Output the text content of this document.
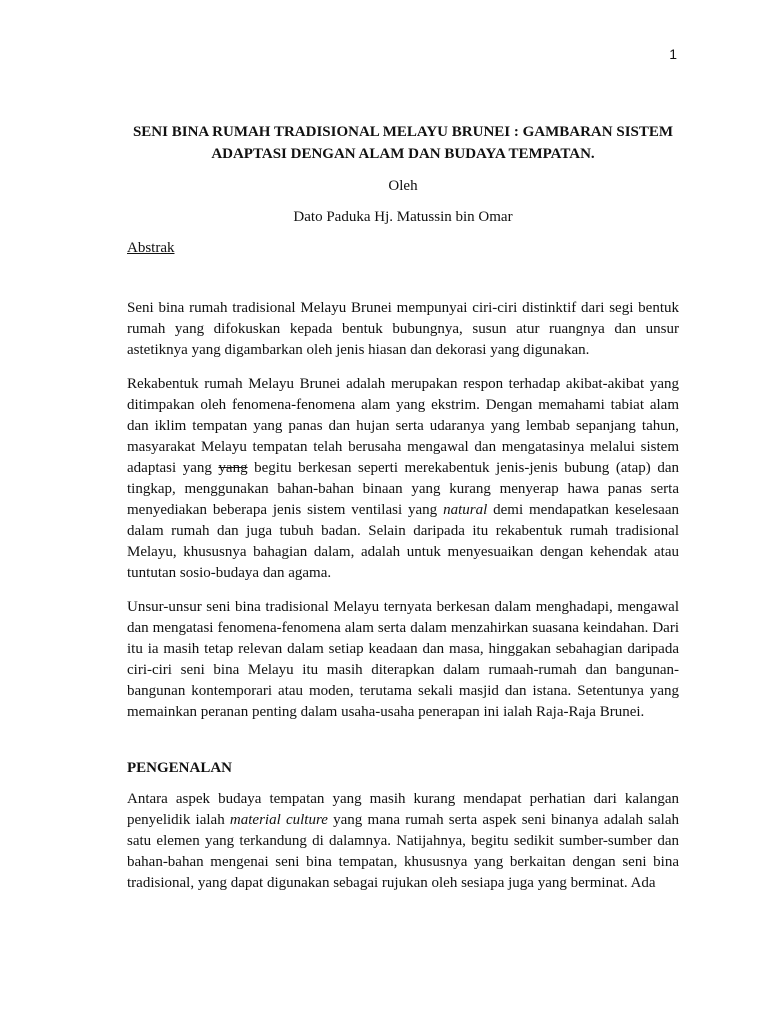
1

SENI BINA RUMAH TRADISIONAL MELAYU BRUNEI : GAMBARAN SISTEM ADAPTASI DENGAN ALAM DAN BUDAYA TEMPATAN.

Oleh

Dato Paduka Hj. Matussin bin Omar

Abstrak

Seni bina rumah tradisional Melayu Brunei mempunyai ciri-ciri distinktif dari segi bentuk rumah yang difokuskan kepada bentuk bubungnya, susun atur ruangnya dan unsur astetiknya yang digambarkan oleh jenis hiasan dan dekorasi yang digunakan.

Rekabentuk rumah Melayu Brunei adalah merupakan respon terhadap akibat-akibat yang ditimpakan oleh fenomena-fenomena alam yang ekstrim. Dengan memahami tabiat alam dan iklim tempatan yang panas dan hujan serta udaranya yang lembab sepanjang tahun, masyarakat Melayu tempatan telah berusaha mengawal dan mengatasinya melalui sistem adaptasi yang yang begitu berkesan seperti merekabentuk jenis-jenis bubung (atap) dan tingkap, menggunakan bahan-bahan binaan yang kurang menyerap hawa panas serta menyediakan beberapa jenis sistem ventilasi yang natural demi mendapatkan keselesaan dalam rumah dan juga tubuh badan. Selain daripada itu rekabentuk rumah tradisional Melayu, khususnya bahagian dalam, adalah untuk menyesuaikan dengan kehendak atau tuntutan sosio-budaya dan agama.

Unsur-unsur seni bina tradisional Melayu ternyata berkesan dalam menghadapi, mengawal dan mengatasi fenomena-fenomena alam serta dalam menzahirkan suasana keindahan. Dari itu ia masih tetap relevan dalam setiap keadaan dan masa, hinggakan sebahagian daripada ciri-ciri seni bina Melayu itu masih diterapkan dalam rumaah-rumah dan bangunan-bangunan kontemporari atau moden, terutama sekali masjid dan istana. Setentunya yang memainkan peranan penting dalam usaha-usaha penerapan ini ialah Raja-Raja Brunei.

PENGENALAN

Antara aspek budaya tempatan yang masih kurang mendapat perhatian dari kalangan penyelidik ialah material culture yang mana rumah serta aspek seni binanya adalah salah satu elemen yang terkandung di dalamnya. Natijahnya, begitu sedikit sumber-sumber dan bahan-bahan mengenai seni bina tempatan, khususnya yang berkaitan dengan seni bina tradisional, yang dapat digunakan sebagai rujukan oleh sesiapa juga yang berminat. Ada
